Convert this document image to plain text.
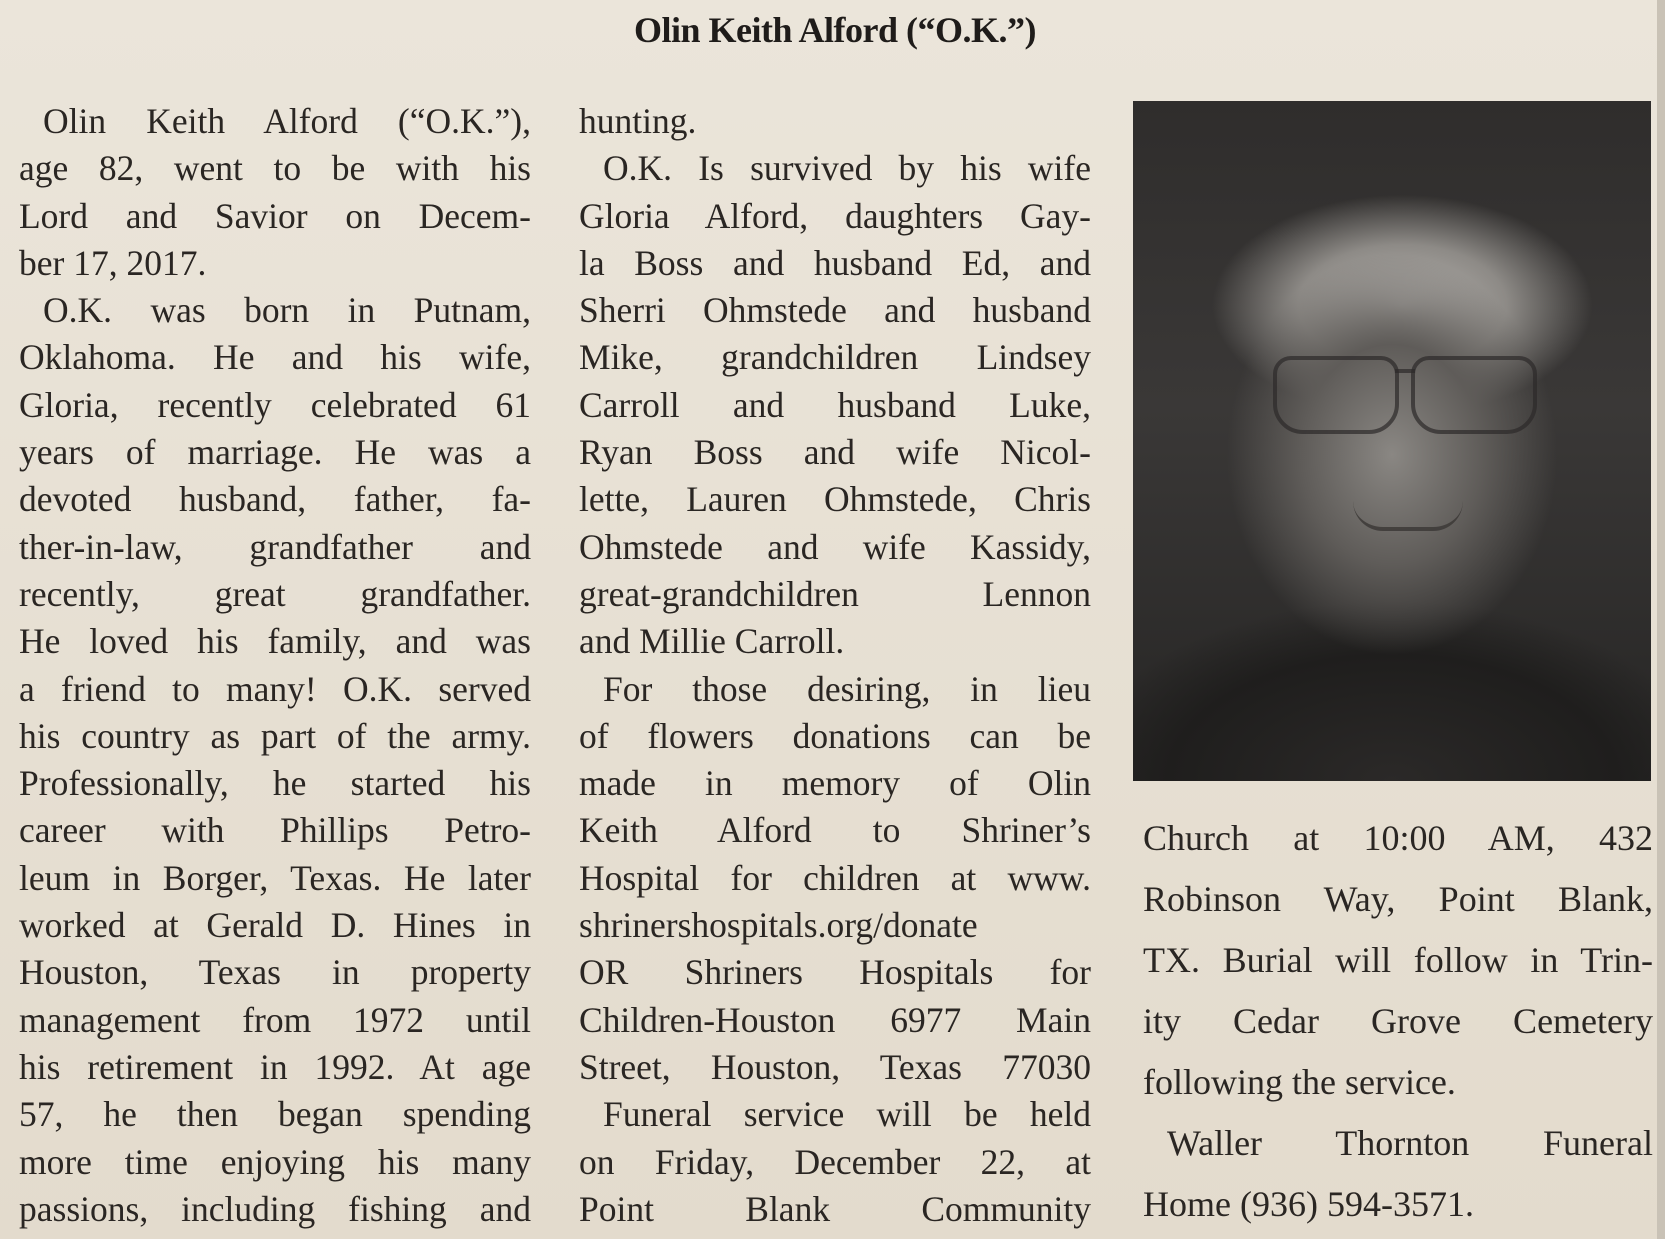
Olin Keith Alford (“O.K.”)

Olin Keith Alford (“O.K.”),

age 82, went to be with his

Lord and Savior on Decem-

ber 17, 2017.

O.K. was born in Putnam,

Oklahoma. He and his wife,

Gloria, recently celebrated 61

years of marriage. He was a

devoted husband, father, fa-

ther-in-law, grandfather and

recently, great grandfather.

He loved his family, and was

a friend to many! O.K. served

his country as part of the army.

Professionally, he started his

career with Phillips Petro-

leum in Borger, Texas. He later

worked at Gerald D. Hines in

Houston, Texas in property

management from 1972 until

his retirement in 1992. At age

57, he then began spending

more time enjoying his many

passions, including fishing and

hunting.

O.K. Is survived by his wife

Gloria Alford, daughters Gay-

la Boss and husband Ed, and

Sherri Ohmstede and husband

Mike, grandchildren Lindsey

Carroll and husband Luke,

Ryan Boss and wife Nicol-

lette, Lauren Ohmstede, Chris

Ohmstede and wife Kassidy,

great-grandchildren Lennon

and Millie Carroll.

For those desiring, in lieu

of flowers donations can be

made in memory of Olin

Keith Alford to Shriner’s

Hospital for children at www.

shrinershospitals.org/donate

OR Shriners Hospitals for

Children-Houston 6977 Main

Street, Houston, Texas 77030

Funeral service will be held

on Friday, December 22, at

Point Blank Community

Church at 10:00 AM, 432

Robinson Way, Point Blank,

TX. Burial will follow in Trin-

ity Cedar Grove Cemetery

following the service.

Waller Thornton Funeral

Home (936) 594-3571.
